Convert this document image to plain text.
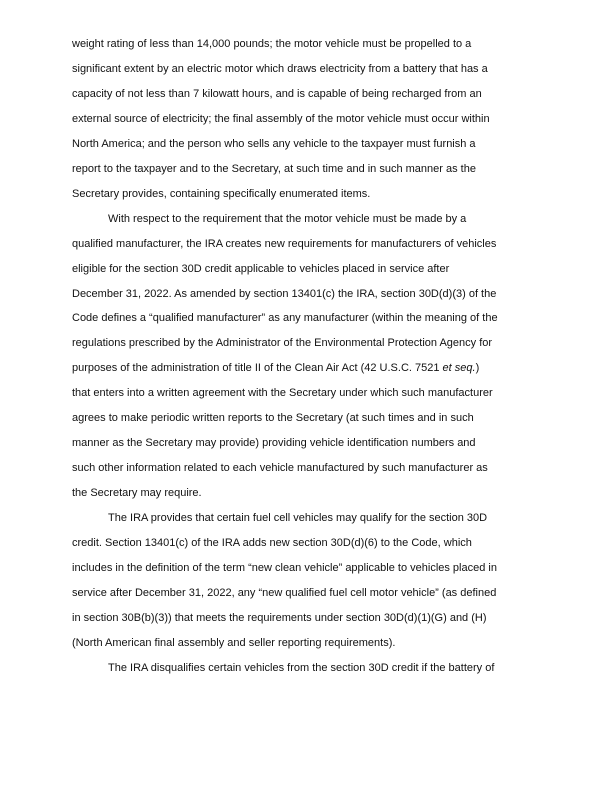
weight rating of less than 14,000 pounds; the motor vehicle must be propelled to a
significant extent by an electric motor which draws electricity from a battery that has a
capacity of not less than 7 kilowatt hours, and is capable of being recharged from an
external source of electricity; the final assembly of the motor vehicle must occur within
North America; and the person who sells any vehicle to the taxpayer must furnish a
report to the taxpayer and to the Secretary, at such time and in such manner as the
Secretary provides, containing specifically enumerated items.

With respect to the requirement that the motor vehicle must be made by a
qualified manufacturer, the IRA creates new requirements for manufacturers of vehicles
eligible for the section 30D credit applicable to vehicles placed in service after
December 31, 2022. As amended by section 13401(c) the IRA, section 30D(d)(3) of the
Code defines a “qualified manufacturer” as any manufacturer (within the meaning of the
regulations prescribed by the Administrator of the Environmental Protection Agency for
purposes of the administration of title II of the Clean Air Act (42 U.S.C. 7521 et seq.)
that enters into a written agreement with the Secretary under which such manufacturer
agrees to make periodic written reports to the Secretary (at such times and in such
manner as the Secretary may provide) providing vehicle identification numbers and
such other information related to each vehicle manufactured by such manufacturer as
the Secretary may require.

The IRA provides that certain fuel cell vehicles may qualify for the section 30D
credit. Section 13401(c) of the IRA adds new section 30D(d)(6) to the Code, which
includes in the definition of the term “new clean vehicle” applicable to vehicles placed in
service after December 31, 2022, any “new qualified fuel cell motor vehicle” (as defined
in section 30B(b)(3)) that meets the requirements under section 30D(d)(1)(G) and (H)
(North American final assembly and seller reporting requirements).

The IRA disqualifies certain vehicles from the section 30D credit if the battery of
